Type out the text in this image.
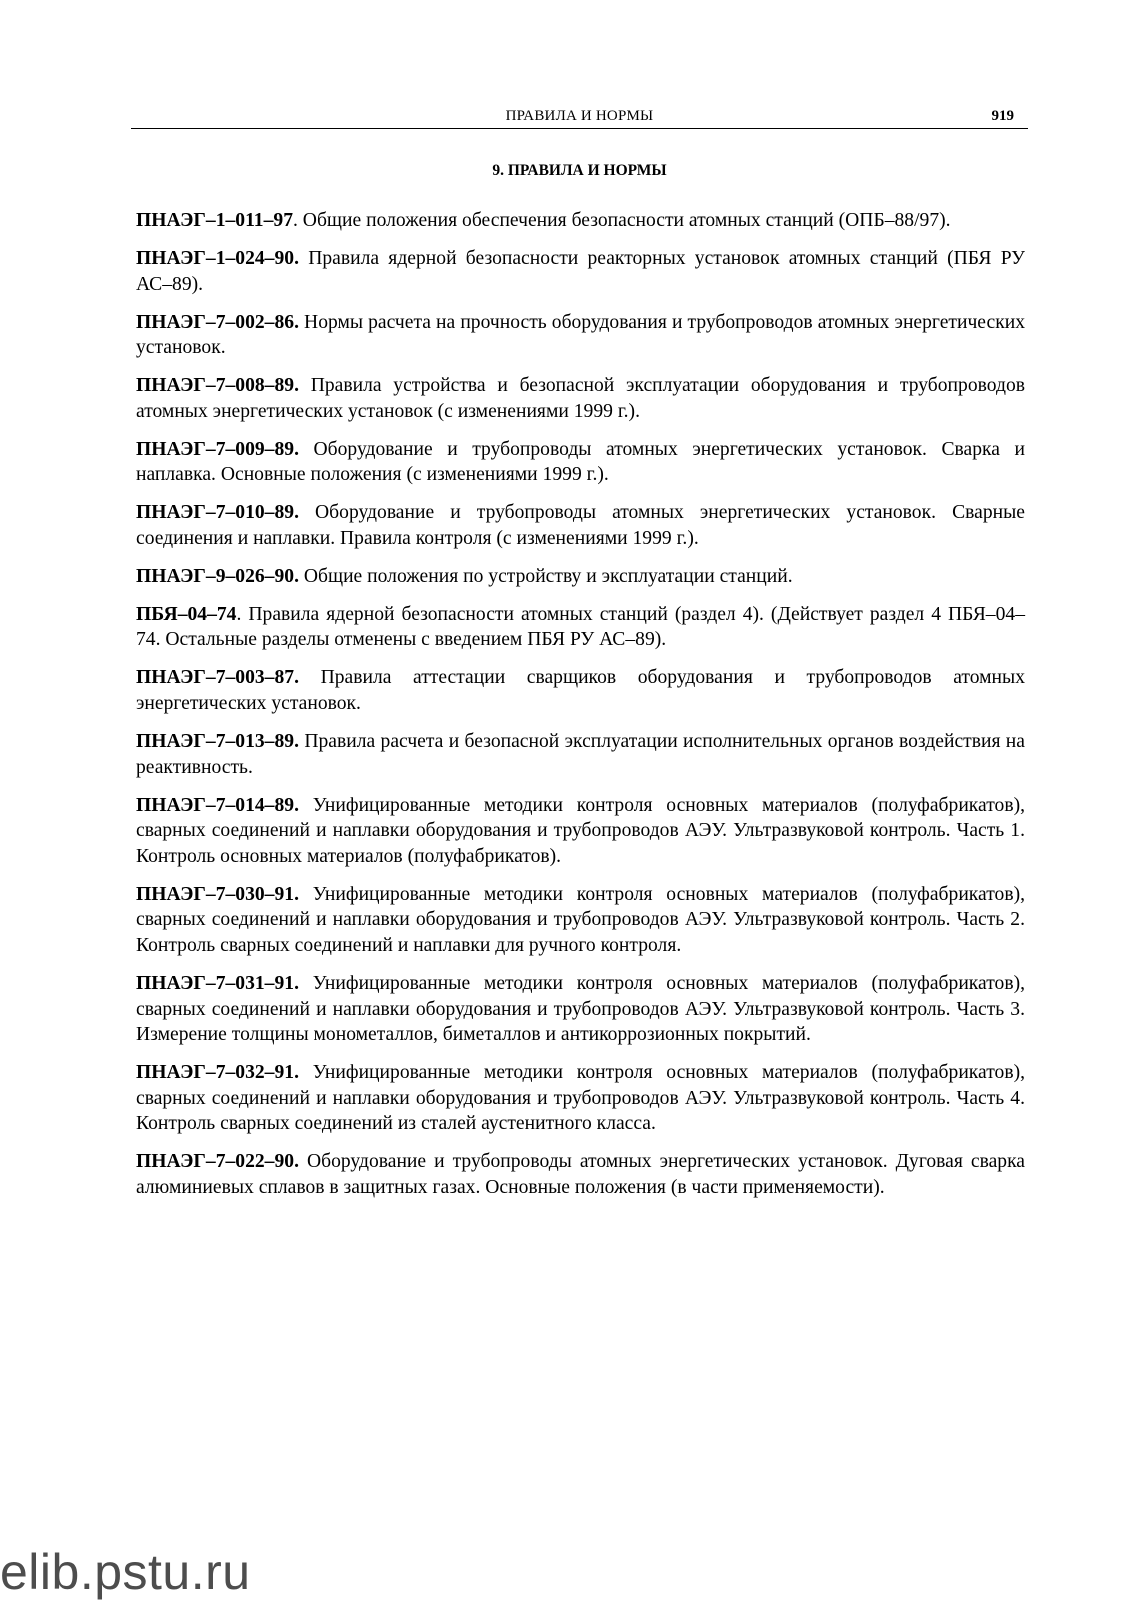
ПРАВИЛА И НОРМЫ	919
9. ПРАВИЛА И НОРМЫ

ПНАЭГ–1–011–97. Общие положения обеспечения безопасности атомных станций (ОПБ–88/97).

ПНАЭГ–1–024–90. Правила ядерной безопасности реакторных установок атомных станций (ПБЯ РУ АС–89).

ПНАЭГ–7–002–86. Нормы расчета на прочность оборудования и трубопроводов атомных энергетических установок.

ПНАЭГ–7–008–89. Правила устройства и безопасной эксплуатации оборудования и трубопроводов атомных энергетических установок (с изменениями 1999 г.).

ПНАЭГ–7–009–89. Оборудование и трубопроводы атомных энергетических установок. Сварка и наплавка. Основные положения (с изменениями 1999 г.).

ПНАЭГ–7–010–89. Оборудование и трубопроводы атомных энергетических установок. Сварные соединения и наплавки. Правила контроля (с изменениями 1999 г.).

ПНАЭГ–9–026–90. Общие положения по устройству и эксплуатации станций.

ПБЯ–04–74. Правила ядерной безопасности атомных станций (раздел 4). (Действует раздел 4 ПБЯ–04–74. Остальные разделы отменены с введением ПБЯ РУ АС–89).

ПНАЭГ–7–003–87. Правила аттестации сварщиков оборудования и трубопроводов атомных энергетических установок.

ПНАЭГ–7–013–89. Правила расчета и безопасной эксплуатации исполнительных органов воздействия на реактивность.

ПНАЭГ–7–014–89. Унифицированные методики контроля основных материалов (полуфабрикатов), сварных соединений и наплавки оборудования и трубопроводов АЭУ. Ультразвуковой контроль. Часть 1. Контроль основных материалов (полуфабрикатов).

ПНАЭГ–7–030–91. Унифицированные методики контроля основных материалов (полуфабрикатов), сварных соединений и наплавки оборудования и трубопроводов АЭУ. Ультразвуковой контроль. Часть 2. Контроль сварных соединений и наплавки для ручного контроля.

ПНАЭГ–7–031–91. Унифицированные методики контроля основных материалов (полуфабрикатов), сварных соединений и наплавки оборудования и трубопроводов АЭУ. Ультразвуковой контроль. Часть 3. Измерение толщины монометаллов, биметаллов и антикоррозионных покрытий.

ПНАЭГ–7–032–91. Унифицированные методики контроля основных материалов (полуфабрикатов), сварных соединений и наплавки оборудования и трубопроводов АЭУ. Ультразвуковой контроль. Часть 4. Контроль сварных соединений из сталей аустенитного класса.

ПНАЭГ–7–022–90. Оборудование и трубопроводы атомных энергетических установок. Дуговая сварка алюминиевых сплавов в защитных газах. Основные положения (в части применяемости).

elib.pstu.ru
